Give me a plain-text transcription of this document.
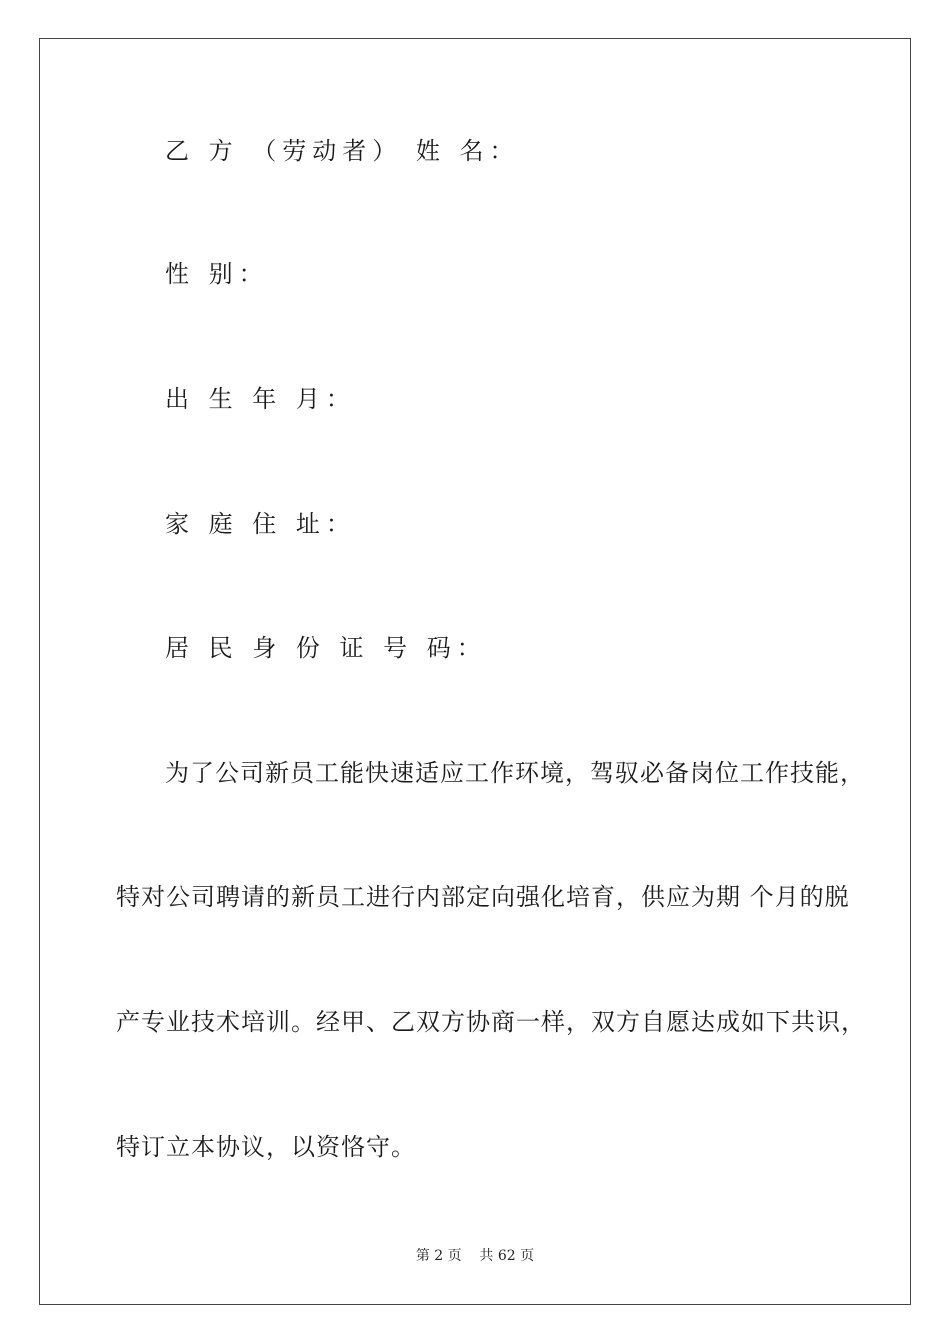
乙 方 （劳动者） 姓 名：
性 别：
出 生 年 月：
家 庭 住 址：
居 民 身 份 证 号 码：
为了公司新员工能快速适应工作环境，驾驭必备岗位工作技能，
特对公司聘请的新员工进行内部定向强化培育，供应为期 个月的脱
产专业技术培训。经甲、乙双方协商一样，双方自愿达成如下共识，
特订立本协议，以资恪守。
第 2 页    共 62 页
